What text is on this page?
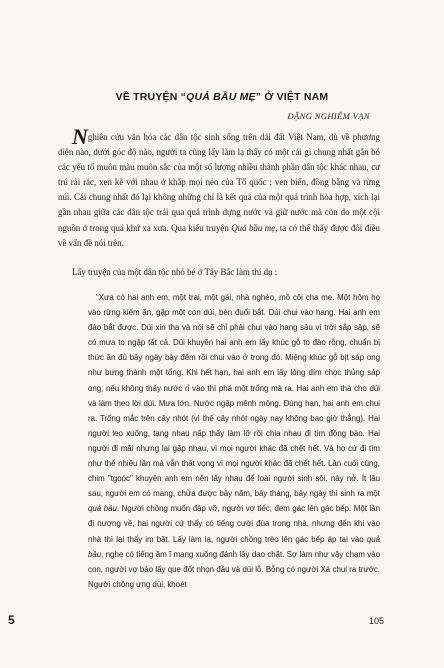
VỀ TRUYỆN “QUẢ BẦU MẸ” Ở VIỆT NAM
ĐẶNG NGHIÊM VẠN
Nghiên cứu văn hóa các dân tộc sinh sống trên dải đất Việt Nam, dù về phương diện nào, dưới góc độ nào, người ta cũng lấy làm lạ thấy có một cái gì chung nhất gắn bó các yếu tố muôn màu muôn sắc của một số lượng nhiều thành phần dân tộc khác nhau, cư trú rải rác, xen kẽ với nhau ở khắp mọi nẻo của Tổ quốc : ven biển, đồng bằng và rừng núi. Cái chung nhất đó lại không những chỉ là kết quả của một quá trình hòa hợp, xích lại gần nhau giữa các dân tộc trải qua quá trình dựng nước và giữ nước mà còn do một cội nguồn ở trong quá khứ xa xưa. Qua kiểu truyện Quả bầu mẹ, ta có thể thấy được đôi điều về vấn đề nói trên.
Lấy truyện của một dân tộc nhỏ bé ở Tây Bắc làm thí dụ :
"Xưa có hai anh em, một trai, một gái, nhà nghèo, mồ côi cha mẹ. Một hôm họ vào rừng kiếm ăn, gặp một con dúi, bèn đuổi bắt. Dúi chui vào hang. Hai anh em đào bắt được. Dúi xin tha và nói sẽ chỉ phải chui vào hang sâu vì trời sắp sập, sẽ có mưa to ngập tất cả. Dúi khuyên hai anh em lấy khúc gỗ to đào rỗng, chuẩn bị thức ăn đủ bảy ngày bảy đêm rồi chui vào ở trong đó. Miệng khúc gỗ bịt sáp ong như bưng thành một tổng. Khi hết hạn, hai anh em lấy lông dím chọc thủng sáp ong, nếu không thấy nước rỉ vào thì phá một trống mà ra. Hai anh em thà cho dúi và làm theo lời dúi. Mưa lớn. Nước ngập mênh mông. Đúng hạn, hai anh em chui ra. Trống mắc trên cây nhót (vì thế cây nhót ngày nay không bao giờ thẳng). Hai người leo xuống, tạng nhau nấp thấy làm lỡ rồi chia nhau đi tìm đồng bào. Hai người đi mãi nhưng lại gặp nhau, vì mọi người khác đã chết hết. Và họ cứ đi tìm như thế nhiều lần mà vẫn thất vọng vì mọi người khác đã chết hết. Lần cuối cùng, chim "tgoóc" khuyên anh em nên lấy nhau để loài người sinh sôi, nảy nở. Ít lâu sau, người em có mang, chửa được bảy năm, bảy tháng, bảy ngày thì sinh ra một quả bầu. Người chồng muốn đập vỡ, người vợ tiếc, đem gác lên gác bếp. Một lần đi nương về, hai người cứ thấy có tiếng cười đùa trong nhà, nhưng đến khi vào nhà thì lại thấy im bặt. Lấy làm lạ, người chồng trèo lên gác bếp áp tai vào quả bầu, nghe có tiếng ầm ĩ mang xuống đánh lấy dao chặt. Sợ làm như vậy chạm vào con, người vợ bảo lấy que đốt nhọn đầu và dùi lỗ. Bỗng có người Xá chui ra trước. Người chồng ưng dùi, khoét
5	105
